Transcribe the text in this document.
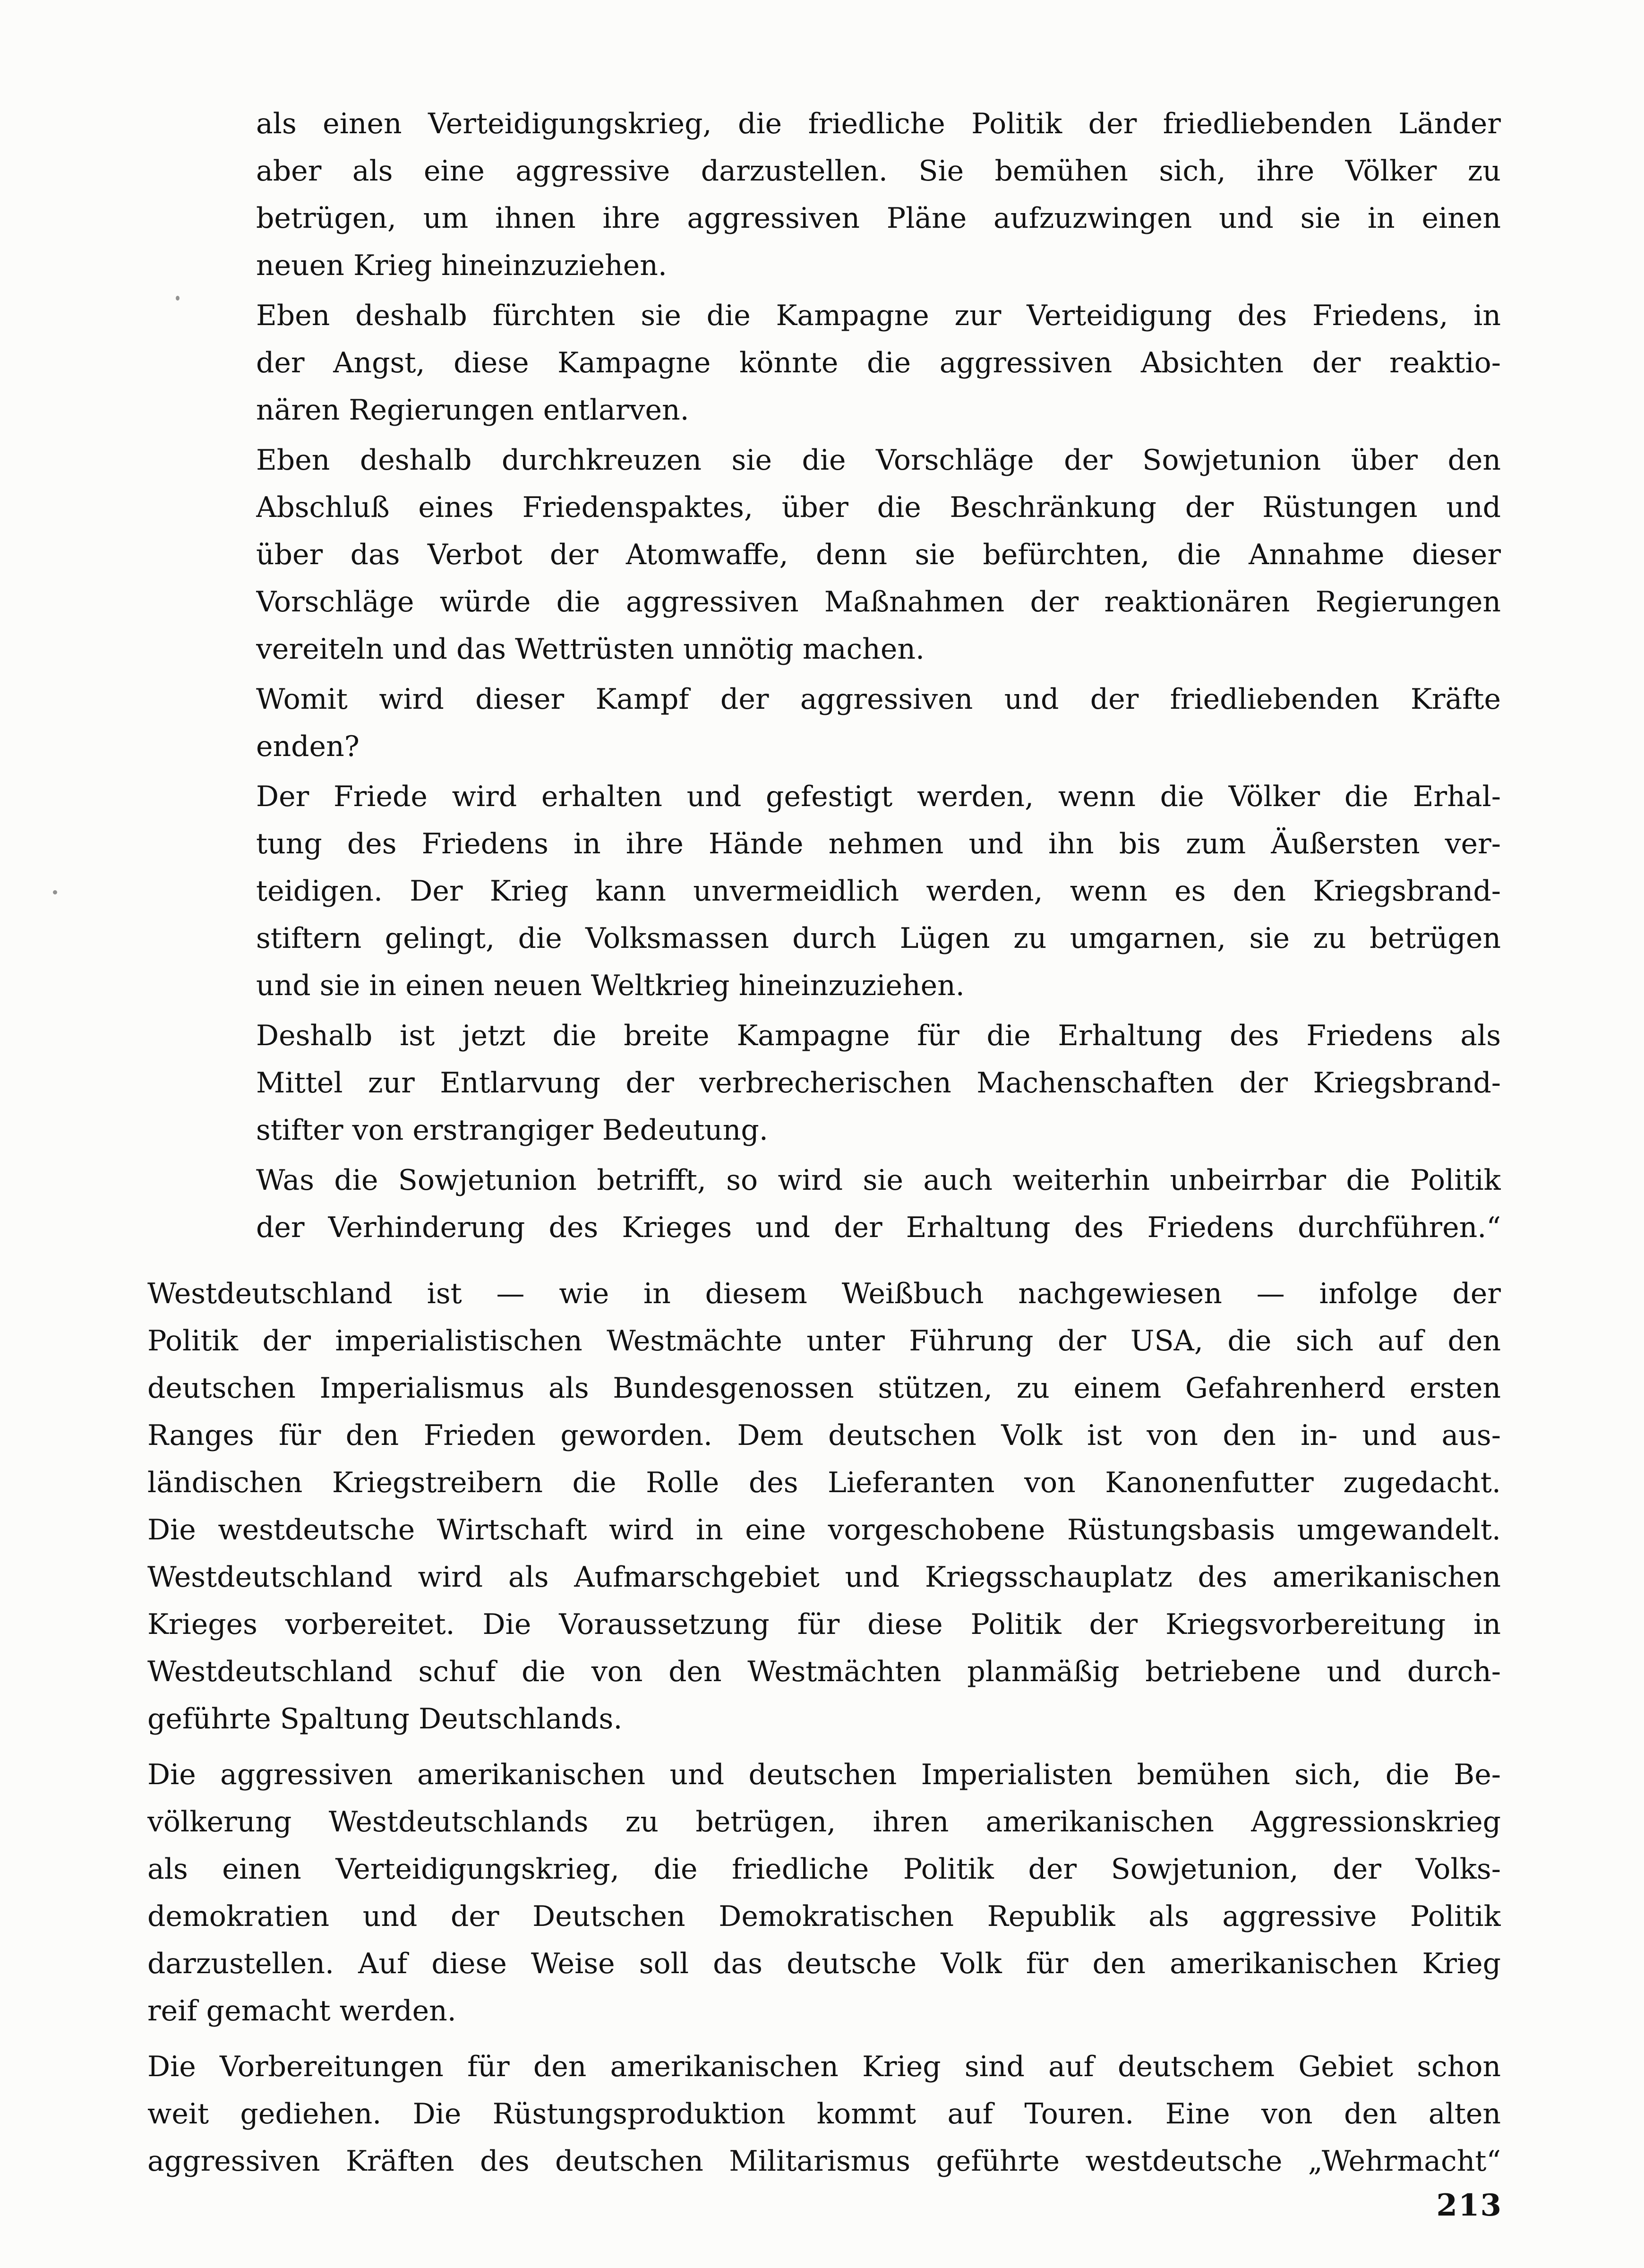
als einen Verteidigungskrieg, die friedliche Politik der friedliebenden Länder
aber als eine aggressive darzustellen. Sie bemühen sich, ihre Völker zu
betrügen, um ihnen ihre aggressiven Pläne aufzuzwingen und sie in einen
neuen Krieg hineinzuziehen.
Eben deshalb fürchten sie die Kampagne zur Verteidigung des Friedens, in
der Angst, diese Kampagne könnte die aggressiven Absichten der reaktio-
nären Regierungen entlarven.
Eben deshalb durchkreuzen sie die Vorschläge der Sowjetunion über den
Abschluß eines Friedenspaktes, über die Beschränkung der Rüstungen und
über das Verbot der Atomwaffe, denn sie befürchten, die Annahme dieser
Vorschläge würde die aggressiven Maßnahmen der reaktionären Regierungen
vereiteln und das Wettrüsten unnötig machen.
Womit wird dieser Kampf der aggressiven und der friedliebenden Kräfte
enden?
Der Friede wird erhalten und gefestigt werden, wenn die Völker die Erhal-
tung des Friedens in ihre Hände nehmen und ihn bis zum Äußersten ver-
teidigen. Der Krieg kann unvermeidlich werden, wenn es den Kriegsbrand-
stiftern gelingt, die Volksmassen durch Lügen zu umgarnen, sie zu betrügen
und sie in einen neuen Weltkrieg hineinzuziehen.
Deshalb ist jetzt die breite Kampagne für die Erhaltung des Friedens als
Mittel zur Entlarvung der verbrecherischen Machenschaften der Kriegsbrand-
stifter von erstrangiger Bedeutung.
Was die Sowjetunion betrifft, so wird sie auch weiterhin unbeirrbar die Politik
der Verhinderung des Krieges und der Erhaltung des Friedens durchführen.“
Westdeutschland ist — wie in diesem Weißbuch nachgewiesen — infolge der
Politik der imperialistischen Westmächte unter Führung der USA, die sich auf den
deutschen Imperialismus als Bundesgenossen stützen, zu einem Gefahrenherd ersten
Ranges für den Frieden geworden. Dem deutschen Volk ist von den in- und aus-
ländischen Kriegstreibern die Rolle des Lieferanten von Kanonenfutter zugedacht.
Die westdeutsche Wirtschaft wird in eine vorgeschobene Rüstungsbasis umgewandelt.
Westdeutschland wird als Aufmarschgebiet und Kriegsschauplatz des amerikanischen
Krieges vorbereitet. Die Voraussetzung für diese Politik der Kriegsvorbereitung in
Westdeutschland schuf die von den Westmächten planmäßig betriebene und durch-
geführte Spaltung Deutschlands.
Die aggressiven amerikanischen und deutschen Imperialisten bemühen sich, die Be-
völkerung Westdeutschlands zu betrügen, ihren amerikanischen Aggressionskrieg
als einen Verteidigungskrieg, die friedliche Politik der Sowjetunion, der Volks-
demokratien und der Deutschen Demokratischen Republik als aggressive Politik
darzustellen. Auf diese Weise soll das deutsche Volk für den amerikanischen Krieg
reif gemacht werden.
Die Vorbereitungen für den amerikanischen Krieg sind auf deutschem Gebiet schon
weit gediehen. Die Rüstungsproduktion kommt auf Touren. Eine von den alten
aggressiven Kräften des deutschen Militarismus geführte westdeutsche „Wehrmacht“
213
